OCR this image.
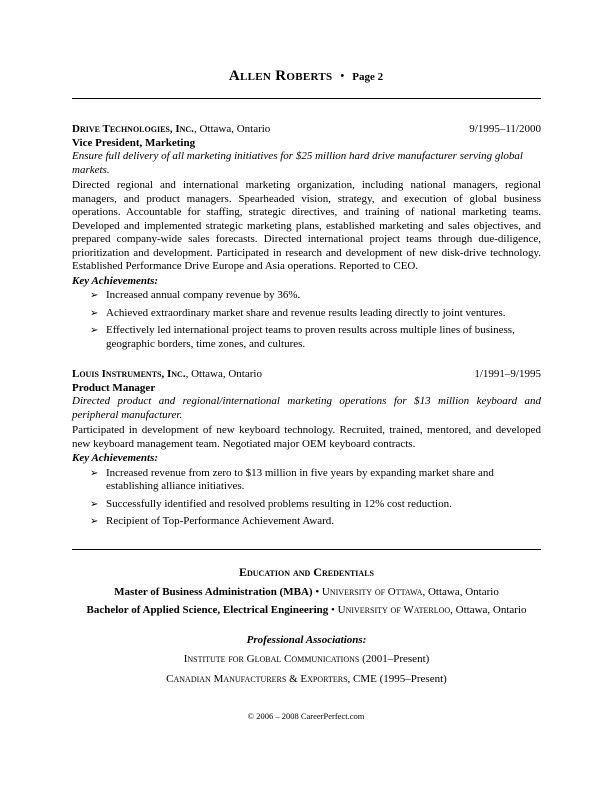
Allen Roberts • Page 2
Drive Technologies, Inc., Ottawa, Ontario	9/1995–11/2000
Vice President, Marketing
Ensure full delivery of all marketing initiatives for $25 million hard drive manufacturer serving global markets.
Directed regional and international marketing organization, including national managers, regional managers, and product managers. Spearheaded vision, strategy, and execution of global business operations. Accountable for staffing, strategic directives, and training of national marketing teams. Developed and implemented strategic marketing plans, established marketing and sales objectives, and prepared company-wide sales forecasts. Directed international project teams through due-diligence, prioritization and development. Participated in research and development of new disk-drive technology. Established Performance Drive Europe and Asia operations. Reported to CEO.
Key Achievements:
➢ Increased annual company revenue by 36%.
➢ Achieved extraordinary market share and revenue results leading directly to joint ventures.
➢ Effectively led international project teams to proven results across multiple lines of business, geographic borders, time zones, and cultures.
Louis Instruments, Inc., Ottawa, Ontario	1/1991–9/1995
Product Manager
Directed product and regional/international marketing operations for $13 million keyboard and peripheral manufacturer.
Participated in development of new keyboard technology. Recruited, trained, mentored, and developed new keyboard management team. Negotiated major OEM keyboard contracts.
Key Achievements:
➢ Increased revenue from zero to $13 million in five years by expanding market share and establishing alliance initiatives.
➢ Successfully identified and resolved problems resulting in 12% cost reduction.
➢ Recipient of Top-Performance Achievement Award.
Education and Credentials
Master of Business Administration (MBA) • University of Ottawa, Ottawa, Ontario
Bachelor of Applied Science, Electrical Engineering • University of Waterloo, Ottawa, Ontario
Professional Associations:
Institute for Global Communications (2001–Present)
Canadian Manufacturers & Exporters, CME (1995–Present)
© 2006 – 2008 CareerPerfect.com
